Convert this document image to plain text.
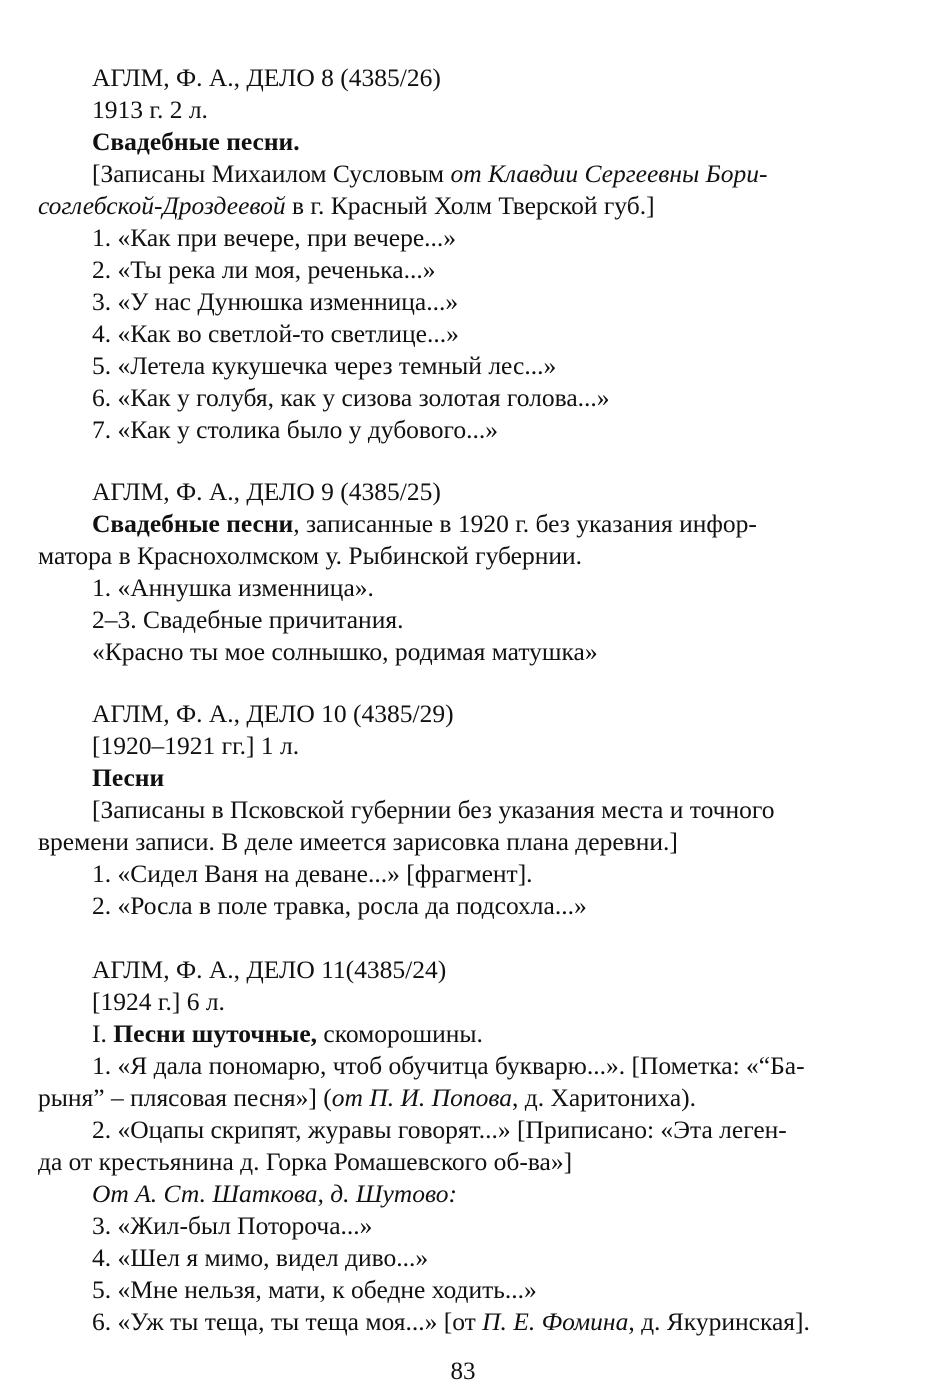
АГЛМ, Ф. А., ДЕЛО 8 (4385/26)
1913 г. 2 л.
Свадебные песни.
[Записаны Михаилом Сусловым от Клавдии Сергеевны Бори-
соглебской-Дроздеевой в г. Красный Холм Тверской губ.]
1. «Как при вечере, при вечере...»
2. «Ты река ли моя, реченька...»
3. «У нас Дунюшка изменница...»
4. «Как во светлой-то светлице...»
5. «Летела кукушечка через темный лес...»
6. «Как у голубя, как у сизова золотая голова...»
7. «Как у столика было у дубового...»
АГЛМ, Ф. А., ДЕЛО 9 (4385/25)
Свадебные песни, записанные в 1920 г. без указания инфор-
матора в Краснохолмском у. Рыбинской губернии.
1. «Аннушка изменница».
2–3. Свадебные причитания.
«Красно ты мое солнышко, родимая матушка»
АГЛМ, Ф. А., ДЕЛО 10 (4385/29)
[1920–1921 гг.] 1 л.
Песни
[Записаны в Псковской губернии без указания места и точного
времени записи. В деле имеется зарисовка плана деревни.]
1. «Сидел Ваня на деване...» [фрагмент].
2. «Росла в поле травка, росла да подсохла...»
АГЛМ, Ф. А., ДЕЛО 11(4385/24)
[1924 г.] 6 л.
I. Песни шуточные, скоморошины.
1. «Я дала пономарю, чтоб обучитца букварю...». [Пометка: «“Ба-
рыня” – плясовая песня»] (от П. И. Попова, д. Харитониха).
2. «Оцапы скрипят, журавы говорят...» [Приписано: «Эта леген-
да от крестьянина д. Горка Ромашевского об-ва»]
От А. Ст. Шаткова, д. Шутово:
3. «Жил-был Поторочa...»
4. «Шел я мимо, видел диво...»
5. «Мне нельзя, мати, к обедне ходить...»
6. «Уж ты теща, ты теща моя...» [от П. Е. Фомина, д. Якуринская].
83
